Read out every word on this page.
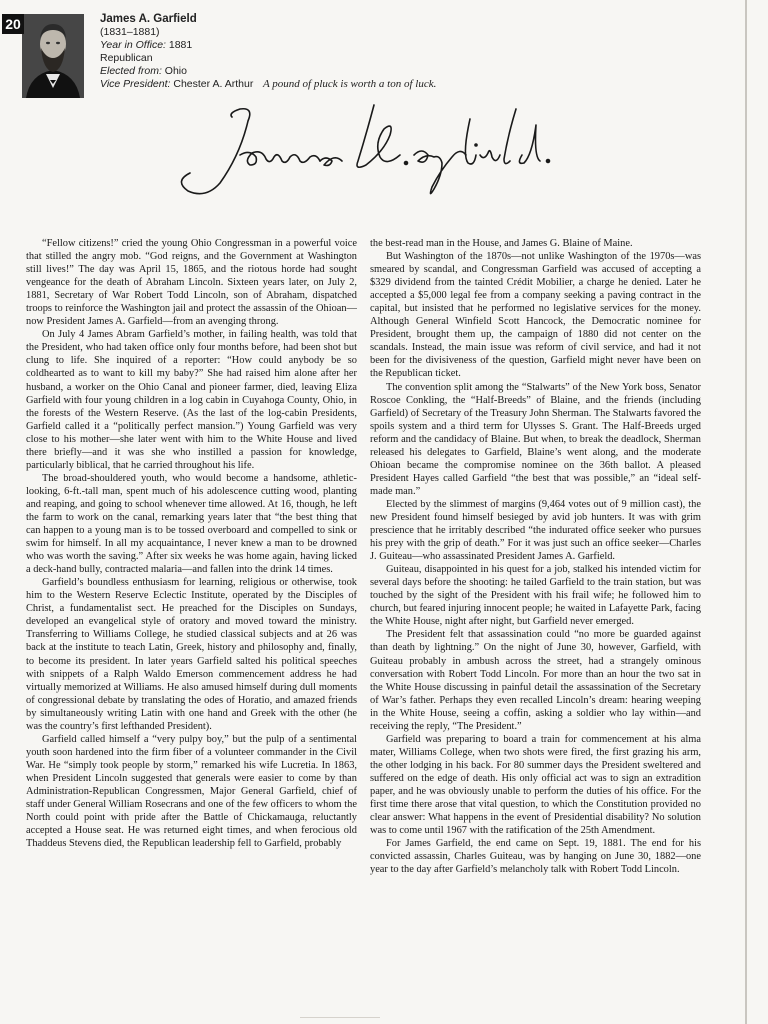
20	James A. Garfield
(1831–1881)
Year in Office: 1881
Republican
Elected from: Ohio
Vice President: Chester A. Arthur A pound of pluck is worth a ton of luck.

“Fellow citizens!” cried the young Ohio Congressman in a powerful voice that stilled the angry mob. “God reigns, and the Government at Washington still lives!” The day was April 15, 1865, and the riotous horde had sought vengeance for the death of Abraham Lincoln. Sixteen years later, on July 2, 1881, Secretary of War Robert Todd Lincoln, son of Abraham, dispatched troops to reinforce the Washington jail and protect the assassin of the Ohioan—now President James A. Garfield—from an avenging throng.

On July 4 James Abram Garfield’s mother, in failing health, was told that the President, who had taken office only four months before, had been shot but clung to life. She inquired of a reporter: “How could anybody be so coldhearted as to want to kill my baby?” She had raised him alone after her husband, a worker on the Ohio Canal and pioneer farmer, died, leaving Eliza Garfield with four young children in a log cabin in Cuyahoga County, Ohio, in the forests of the Western Reserve. (As the last of the log-cabin Presidents, Garfield called it a “politically perfect mansion.”) Young Garfield was very close to his mother—she later went with him to the White House and lived there briefly—and it was she who instilled a passion for knowledge, particularly biblical, that he carried throughout his life.

The broad-shouldered youth, who would become a handsome, athletic-looking, 6-ft.-tall man, spent much of his adolescence cutting wood, planting and reaping, and going to school whenever time allowed. At 16, though, he left the farm to work on the canal, remarking years later that “the best thing that can happen to a young man is to be tossed overboard and compelled to sink or swim for himself. In all my acquaintance, I never knew a man to be drowned who was worth the saving.” After six weeks he was home again, having licked a deck-hand bully, contracted malaria—and fallen into the drink 14 times.

Garfield’s boundless enthusiasm for learning, religious or otherwise, took him to the Western Reserve Eclectic Institute, operated by the Disciples of Christ, a fundamentalist sect. He preached for the Disciples on Sundays, developed an evangelical style of oratory and moved toward the ministry. Transferring to Williams College, he studied classical subjects and at 26 was back at the institute to teach Latin, Greek, history and philosophy and, finally, to become its president. In later years Garfield salted his political speeches with snippets of a Ralph Waldo Emerson commencement address he had virtually memorized at Williams. He also amused himself during dull moments of congressional debate by translating the odes of Horatio, and amazed friends by simultaneously writing Latin with one hand and Greek with the other (he was the country’s first lefthanded President).

Garfield called himself a “very pulpy boy,” but the pulp of a sentimental youth soon hardened into the firm fiber of a volunteer commander in the Civil War. He “simply took people by storm,” remarked his wife Lucretia. In 1863, when President Lincoln suggested that generals were easier to come by than Administration-Republican Congressmen, Major General Garfield, chief of staff under General William Rosecrans and one of the few officers to whom the North could point with pride after the Battle of Chickamauga, reluctantly accepted a House seat. He was returned eight times, and when ferocious old Thaddeus Stevens died, the Republican leadership fell to Garfield, probably

the best-read man in the House, and James G. Blaine of Maine.

But Washington of the 1870s—not unlike Washington of the 1970s—was smeared by scandal, and Congressman Garfield was accused of accepting a $329 dividend from the tainted Crédit Mobilier, a charge he denied. Later he accepted a $5,000 legal fee from a company seeking a paving contract in the capital, but insisted that he performed no legislative services for the money. Although General Winfield Scott Hancock, the Democratic nominee for President, brought them up, the campaign of 1880 did not center on the scandals. Instead, the main issue was reform of civil service, and had it not been for the divisiveness of the question, Garfield might never have been on the Republican ticket.

The convention split among the “Stalwarts” of the New York boss, Senator Roscoe Conkling, the “Half-Breeds” of Blaine, and the friends (including Garfield) of Secretary of the Treasury John Sherman. The Stalwarts favored the spoils system and a third term for Ulysses S. Grant. The Half-Breeds urged reform and the candidacy of Blaine. But when, to break the deadlock, Sherman released his delegates to Garfield, Blaine’s went along, and the moderate Ohioan became the compromise nominee on the 36th ballot. A pleased President Hayes called Garfield “the best that was possible,” an “ideal self-made man.”

Elected by the slimmest of margins (9,464 votes out of 9 million cast), the new President found himself besieged by avid job hunters. It was with grim prescience that he irritably described “the indurated office seeker who pursues his prey with the grip of death.” For it was just such an office seeker—Charles J. Guiteau—who assassinated President James A. Garfield.

Guiteau, disappointed in his quest for a job, stalked his intended victim for several days before the shooting: he tailed Garfield to the train station, but was touched by the sight of the President with his frail wife; he followed him to church, but feared injuring innocent people; he waited in Lafayette Park, facing the White House, night after night, but Garfield never emerged.

The President felt that assassination could “no more be guarded against than death by lightning.” On the night of June 30, however, Garfield, with Guiteau probably in ambush across the street, had a strangely ominous conversation with Robert Todd Lincoln. For more than an hour the two sat in the White House discussing in painful detail the assassination of the Secretary of War’s father. Perhaps they even recalled Lincoln’s dream: hearing weeping in the White House, seeing a coffin, asking a soldier who lay within—and receiving the reply, “The President.”

Garfield was preparing to board a train for commencement at his alma mater, Williams College, when two shots were fired, the first grazing his arm, the other lodging in his back. For 80 summer days the President sweltered and suffered on the edge of death. His only official act was to sign an extradition paper, and he was obviously unable to perform the duties of his office. For the first time there arose that vital question, to which the Constitution provided no clear answer: What happens in the event of Presidential disability? No solution was to come until 1967 with the ratification of the 25th Amendment.

For James Garfield, the end came on Sept. 19, 1881. The end for his convicted assassin, Charles Guiteau, was by hanging on June 30, 1882—one year to the day after Garfield’s melancholy talk with Robert Todd Lincoln.
